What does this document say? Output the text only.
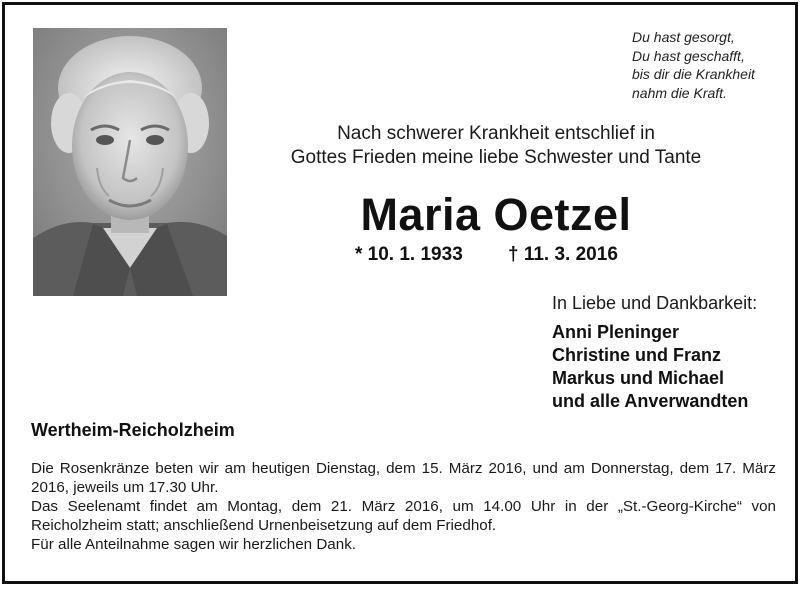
Du hast gesorgt,
Du hast geschafft,
bis dir die Krankheit
nahm die Kraft.
Nach schwerer Krankheit entschlief in
Gottes Frieden meine liebe Schwester und Tante
Maria Oetzel
* 10. 1. 1933 † 11. 3. 2016
In Liebe und Dankbarkeit:
Anni Pleninger
Christine und Franz
Markus und Michael
und alle Anverwandten
Wertheim-Reicholzheim
Die Rosenkränze beten wir am heutigen Dienstag, dem 15. März 2016, und am Donnerstag, dem 17. März 2016, jeweils um 17.30 Uhr.
Das Seelenamt findet am Montag, dem 21. März 2016, um 14.00 Uhr in der „St.-Georg-Kirche“ von Reicholzheim statt; anschließend Urnenbeisetzung auf dem Friedhof.
Für alle Anteilnahme sagen wir herzlichen Dank.
